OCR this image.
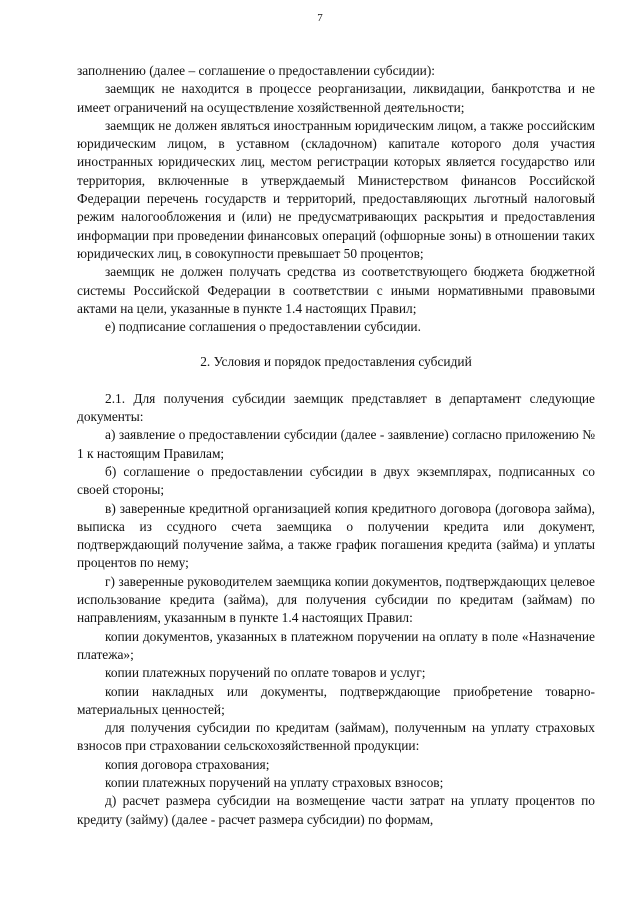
7

заполнению (далее – соглашение о предоставлении субсидии):

заемщик не находится в процессе реорганизации, ликвидации, банкротства и не имеет ограничений на осуществление хозяйственной деятельности;

заемщик не должен являться иностранным юридическим лицом, а также российским юридическим лицом, в уставном (складочном) капитале которого доля участия иностранных юридических лиц, местом регистрации которых является государство или территория, включенные в утверждаемый Министерством финансов Российской Федерации перечень государств и территорий, предоставляющих льготный налоговый режим налогообложения и (или) не предусматривающих раскрытия и предоставления информации при проведении финансовых операций (офшорные зоны) в отношении таких юридических лиц, в совокупности превышает 50 процентов;

заемщик не должен получать средства из соответствующего бюджета бюджетной системы Российской Федерации в соответствии с иными нормативными правовыми актами на цели, указанные в пункте 1.4 настоящих Правил;

е) подписание соглашения о предоставлении субсидии.

2. Условия и порядок предоставления субсидий

2.1. Для получения субсидии заемщик представляет в департамент следующие документы:

а) заявление о предоставлении субсидии (далее - заявление) согласно приложению № 1 к настоящим Правилам;

б) соглашение о предоставлении субсидии в двух экземплярах, подписанных со своей стороны;

в) заверенные кредитной организацией копия кредитного договора (договора займа), выписка из ссудного счета заемщика о получении кредита или документ, подтверждающий получение займа, а также график погашения кредита (займа) и уплаты процентов по нему;

г) заверенные руководителем заемщика копии документов, подтверждающих целевое использование кредита (займа), для получения субсидии по кредитам (займам) по направлениям, указанным в пункте 1.4 настоящих Правил:

копии документов, указанных в платежном поручении на оплату в поле «Назначение платежа»;

копии платежных поручений по оплате товаров и услуг;

копии накладных или документы, подтверждающие приобретение товарно-материальных ценностей;

для получения субсидии по кредитам (займам), полученным на уплату страховых взносов при страховании сельскохозяйственной продукции:

копия договора страхования;

копии платежных поручений на уплату страховых взносов;

д) расчет размера субсидии на возмещение части затрат на уплату процентов по кредиту (займу) (далее - расчет размера субсидии) по формам,
